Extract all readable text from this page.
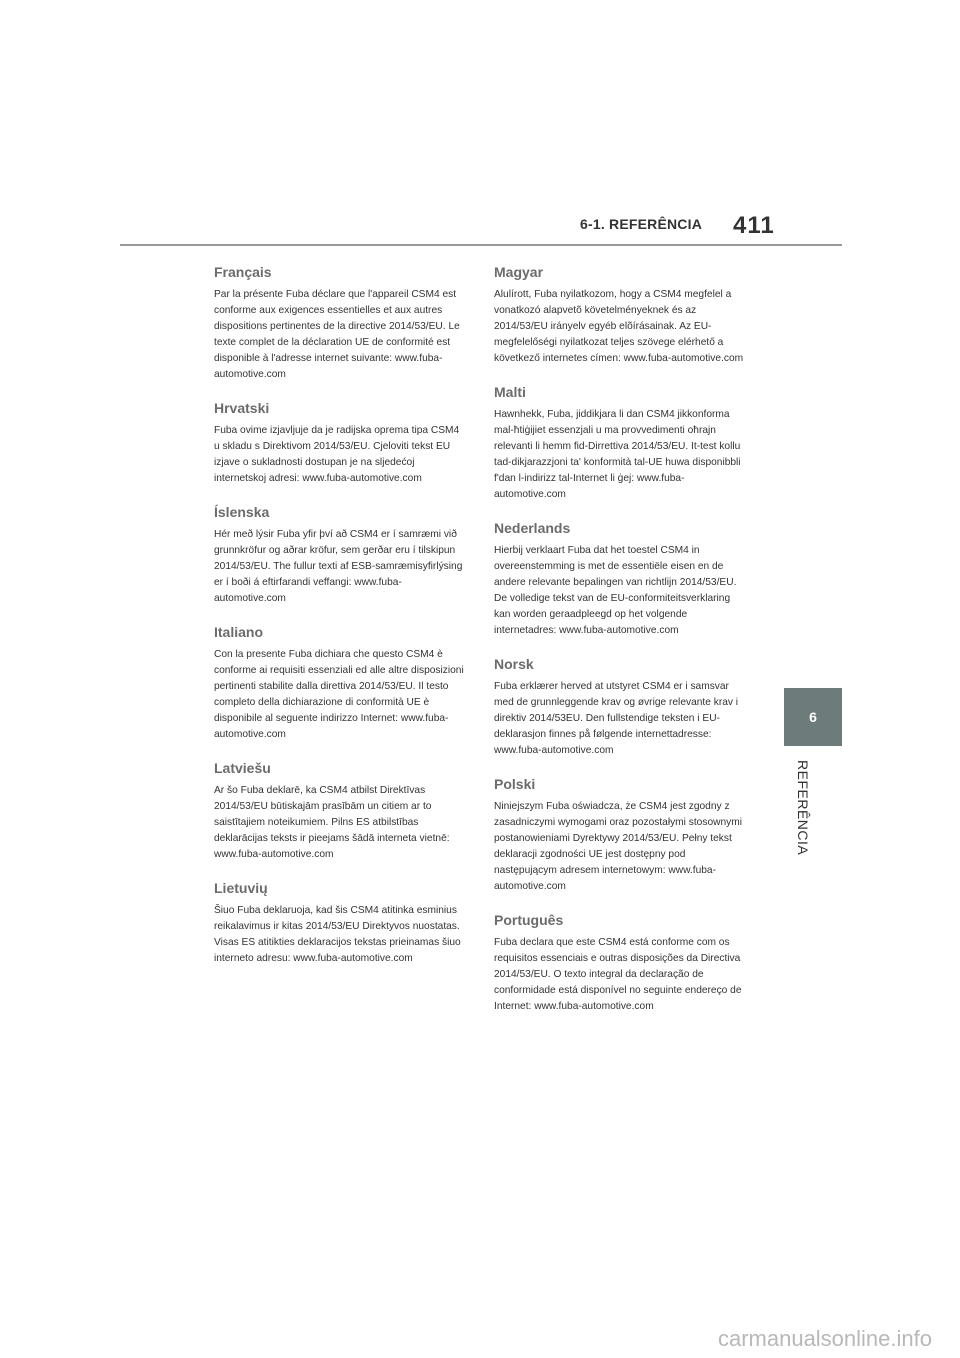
6-1. REFERÊNCIA 411
Français

Par la présente Fuba déclare que l'appareil CSM4 est conforme aux exigences essentielles et aux autres dispositions pertinentes de la directive 2014/53/EU. Le texte complet de la déclaration UE de conformité est disponible à l'adresse internet suivante: www.fuba-automotive.com

Hrvatski

Fuba ovime izjavljuje da je radijska oprema tipa CSM4 u skladu s Direktivom 2014/53/EU. Cjeloviti tekst EU izjave o sukladnosti dostupan je na sljedećoj internetskoj adresi: www.fuba-automotive.com

Íslenska

Hér með lýsir Fuba yfir því að CSM4 er í samræmi við grunnkröfur og aðrar kröfur, sem gerðar eru í tilskipun 2014/53/EU. The fullur texti af ESB-samræmisyfirlýsing er í boði á eftirfarandi veffangi: www.fuba-automotive.com

Italiano

Con la presente Fuba dichiara che questo CSM4 è conforme ai requisiti essenziali ed alle altre disposizioni pertinenti stabilite dalla direttiva 2014/53/EU. Il testo completo della dichiarazione di conformità UE è disponibile al seguente indirizzo Internet: www.fuba-automotive.com

Latviešu

Ar šo Fuba deklarē, ka CSM4 atbilst Direktīvas 2014/53/EU būtiskajām prasībām un citiem ar to saistītajiem noteikumiem. Pilns ES atbilstības deklarācijas teksts ir pieejams šādā interneta vietnē: www.fuba-automotive.com

Lietuvių

Šiuo Fuba deklaruoja, kad šis CSM4 atitinka esminius reikalavimus ir kitas 2014/53/EU Direktyvos nuostatas. Visas ES atitikties deklaracijos tekstas prieinamas šiuo interneto adresu: www.fuba-automotive.com

Magyar

Alulírott, Fuba nyilatkozom, hogy a CSM4 megfelel a vonatkozó alapvetõ követelményeknek és az 2014/53/EU irányelv egyéb elõírásainak. Az EU-megfelelőségi nyilatkozat teljes szövege elérhető a következő internetes címen: www.fuba-automotive.com

Malti

Hawnhekk, Fuba, jiddikjara li dan CSM4 jikkonforma mal-ħtiġijiet essenzjali u ma provvedimenti oħrajn relevanti li hemm fid-Dirrettiva 2014/53/EU. It-test kollu tad-dikjarazzjoni ta' konformità tal-UE huwa disponibbli f'dan l-indirizz tal-Internet li ġej: www.fuba-automotive.com

Nederlands

Hierbij verklaart Fuba dat het toestel CSM4 in overeenstemming is met de essentiële eisen en de andere relevante bepalingen van richtlijn 2014/53/EU. De volledige tekst van de EU-conformiteitsverklaring kan worden geraadpleegd op het volgende internetadres: www.fuba-automotive.com

Norsk

Fuba erklærer herved at utstyret CSM4 er i samsvar med de grunnleggende krav og øvrige relevante krav i direktiv 2014/53EU. Den fullstendige teksten i EU-deklarasjon finnes på følgende internettadresse: www.fuba-automotive.com

Polski

Niniejszym Fuba oświadcza, że CSM4 jest zgodny z zasadniczymi wymogami oraz pozostałymi stosownymi postanowieniami Dyrektywy 2014/53/EU. Pełny tekst deklaracji zgodności UE jest dostępny pod następującym adresem internetowym: www.fuba-automotive.com

Português

Fuba declara que este CSM4 está conforme com os requisitos essenciais e outras disposições da Directiva 2014/53/EU. O texto integral da declaração de conformidade está disponível no seguinte endereço de Internet: www.fuba-automotive.com

6
REFERÊNCIA
carmanualsonline.info
